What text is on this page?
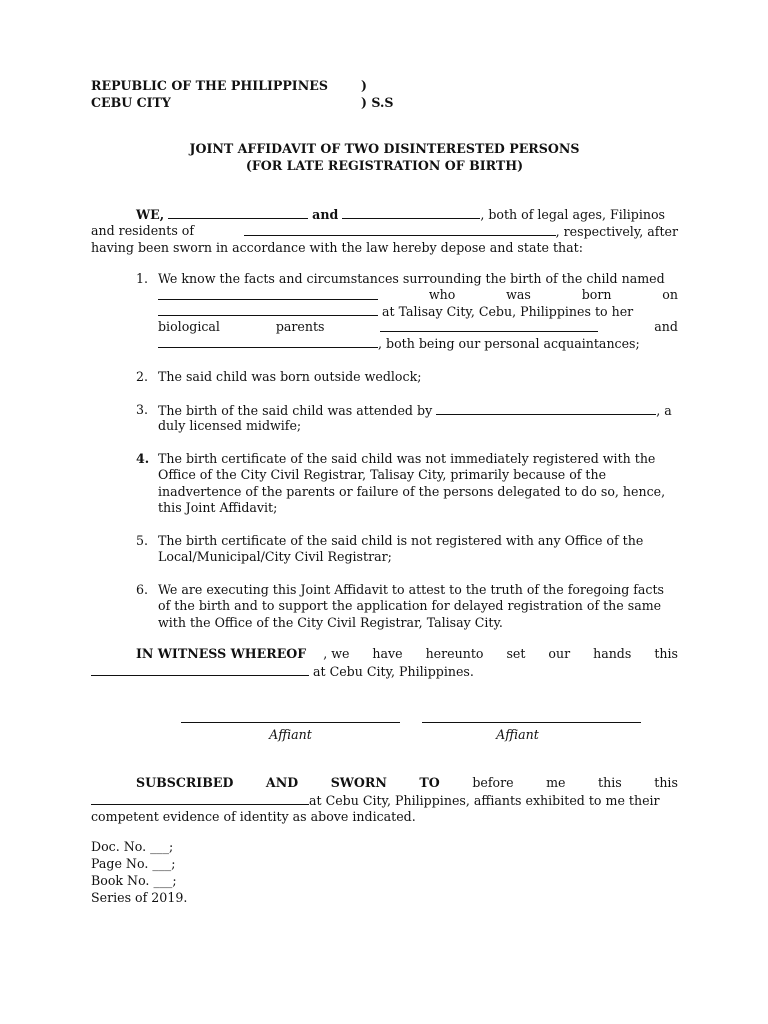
REPUBLIC OF THE PHILIPPINES	)
CEBU CITY	) S.S
JOINT AFFIDAVIT OF TWO DISINTERESTED PERSONS
(FOR LATE REGISTRATION OF BIRTH)
WE,	and	, both of legal ages, Filipinos
and residents of	, respectively, after
having been sworn in accordance with the law hereby depose and state that:
1. We know the facts and circumstances surrounding the birth of the child named
who	was	born	on
at Talisay City, Cebu, Philippines to her
biological	parents	and
, both being our personal acquaintances;
2. The said child was born outside wedlock;
3. The birth of the said child was attended by	, a
duly licensed midwife;
4. The birth certificate of the said child was not immediately registered with the
Office of the City Civil Registrar, Talisay City, primarily because of the
inadvertence of the parents or failure of the persons delegated to do so, hence,
this Joint Affidavit;
5. The birth certificate of the said child is not registered with any Office of the
Local/Municipal/City Civil Registrar;
6. We are executing this Joint Affidavit to attest to the truth of the foregoing facts
of the birth and to support the application for delayed registration of the same
with the Office of the City Civil Registrar, Talisay City.
IN WITNESS WHEREOF , we have hereunto set our hands this
at Cebu City, Philippines.
Affiant	Affiant
SUBSCRIBED	AND	SWORN	TO	before	me	this	this
at Cebu City, Philippines, affiants exhibited to me their
competent evidence of identity as above indicated.
Doc. No. ___;
Page No. ___;
Book No. ___;
Series of 2019.
